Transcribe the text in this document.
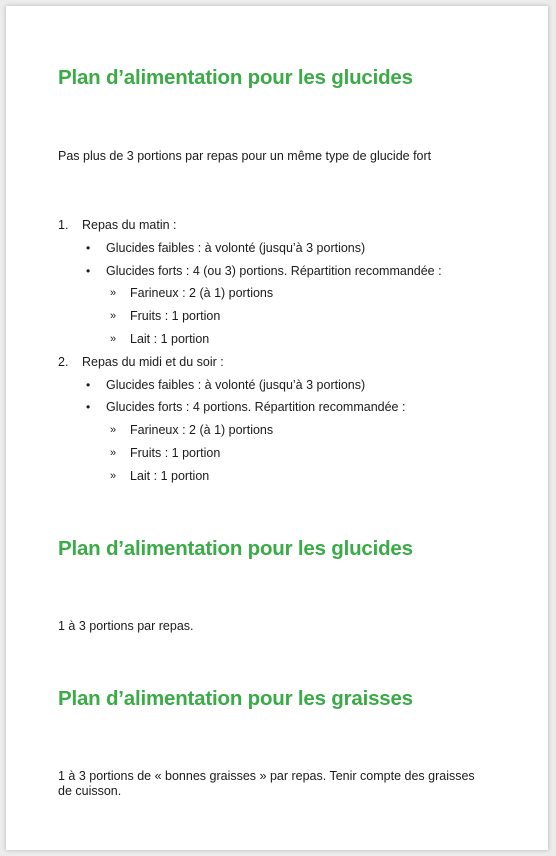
Plan d’alimentation pour les glucides
Pas plus de 3 portions par repas pour un même type de glucide fort
1. Repas du matin :
• Glucides faibles : à volonté (jusqu’à 3 portions)
• Glucides forts : 4 (ou 3) portions. Répartition recommandée :
» Farineux : 2 (à 1) portions
» Fruits : 1 portion
» Lait : 1 portion
2. Repas du midi et du soir :
• Glucides faibles : à volonté (jusqu’à 3 portions)
• Glucides forts : 4 portions. Répartition recommandée :
» Farineux : 2 (à 1) portions
» Fruits : 1 portion
» Lait : 1 portion
Plan d’alimentation pour les glucides
1 à 3 portions par repas.
Plan d’alimentation pour les graisses
1 à 3 portions de « bonnes graisses » par repas. Tenir compte des graisses de cuisson.
